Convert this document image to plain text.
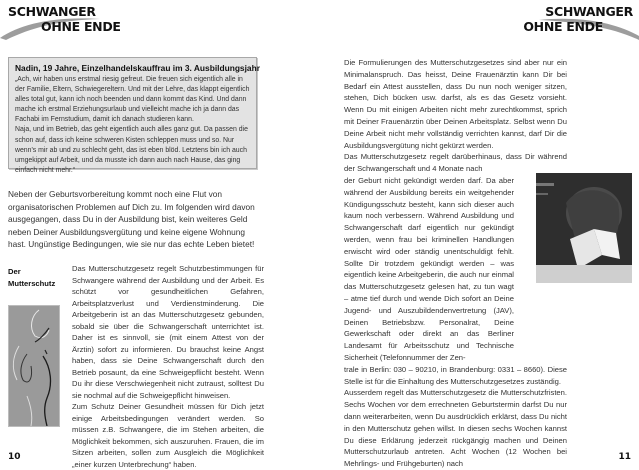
SCHWANGER
OHNE ENDE
Nadin, 19 Jahre, Einzelhandelskauffrau im 3. Ausbildungsjahr

„Ach, wir haben uns erstmal riesig gefreut. Die freuen sich eigentlich alle in der Familie, Eltern, Schwiegereltern. Und mit der Lehre, das klappt eigentlich alles total gut, kann ich noch beenden und dann kommt das Kind. Und dann mache ich erstmal Erziehungsurlaub und vielleicht mache ich ja dann das Fachabi im Fernstudium, damit ich danach studieren kann.

Naja, und im Betrieb, das geht eigentlich auch alles ganz gut. Da passen die schon auf, dass ich keine schweren Kisten schleppen muss und so. Nur wenn's mir ab und zu schlecht geht, das ist eben blöd. Letztens bin ich auch umgekippt auf Arbeit, und da musste ich dann auch nach Hause, das ging einfach nicht mehr.“

Neben der Geburtsvorbereitung kommt noch eine Flut von organisatorischen Problemen auf Dich zu. Im folgenden wird davon ausgegangen, dass Du in der Ausbildung bist, kein weiteres Geld neben Deiner Ausbildungsvergütung und keine eigene Wohnung hast. Ungünstige Bedingungen, wie sie nur das echte Leben bietet!

Der
Mutterschutz

Das Mutterschutzgesetz regelt Schutzbestimmungen für Schwangere während der Ausbildung und der Arbeit. Es schützt vor gesundheitlichen Gefahren, Arbeitsplatzverlust und Verdienstminderung. Die Arbeitgeberin ist an das Mutterschutzgesetz gebunden, sobald sie über die Schwangerschaft unterrichtet ist. Daher ist es sinnvoll, sie (mit einem Attest von der Ärztin) sofort zu informieren. Du brauchst keine Angst haben, dass sie Deine Schwangerschaft durch den Betrieb posaunt, da eine Schweigepflicht besteht. Wenn Du ihr diese Verschwiegenheit nicht zutraust, solltest Du sie nochmal auf die Schweigepflicht hinweisen.

Zum Schutz Deiner Gesundheit müssen für Dich jetzt einige Arbeitsbedingungen verändert werden. So müssen z.B. Schwangere, die im Stehen arbeiten, die Möglichkeit bekommen, sich auszuruhen. Frauen, die im Sitzen arbeiten, sollen zum Ausgleich die Möglichkeit „einer kurzen Unterbrechung“ haben.

10
SCHWANGER
OHNE ENDE

Die Formulierungen des Mutterschutzgesetzes sind aber nur ein Minimalanspruch. Das heisst, Deine Frauenärztin kann Dir bei Bedarf ein Attest ausstellen, dass Du nun noch weniger sitzen, stehen, Dich bücken usw. darfst, als es das Gesetz vorsieht. Wenn Du mit einigen Arbeiten nicht mehr zurechtkommst, sprich mit Deiner Frauenärztin über Deinen Arbeitsplatz. Selbst wenn Du Deine Arbeit nicht mehr vollständig verrichten kannst, darf Dir die Ausbildungsvergütung nicht gekürzt werden.

Das Mutterschutzgesetz regelt darüberhinaus, dass Dir während der Schwangerschaft und 4 Monate nach

der Geburt nicht gekündigt werden darf. Da aber während der Ausbildung bereits ein weitgehender Kündigungsschutz besteht, kann sich dieser auch kaum noch verbessern. Während Ausbildung und Schwangerschaft darf eigentlich nur gekündigt werden, wenn frau bei kriminellen Handlungen erwischt wird oder ständig unentschuldigt fehlt. Sollte Dir trotzdem gekündigt werden – was eigentlich keine Arbeitgeberin, die auch nur einmal das Mutterschutzgesetz gelesen hat, zu tun wagt – atme tief durch und wende Dich sofort an Deine Jugend- und Auszubildendenvertretung (JAV), Deinen Betriebsbzw. Personalrat, Deine Gewerkschaft oder direkt an das Berliner Landesamt für Arbeitsschutz und Technische Sicherheit (Telefonnummer der Zen-

trale in Berlin: 030 – 90210, in Brandenburg: 0331 – 8660). Diese Stelle ist für die Einhaltung des Mutterschutzgesetzes zuständig.

Ausserdem regelt das Mutterschutzgesetz die Mutterschutzfristen. Sechs Wochen vor dem errechneten Geburtstermin darfst Du nur dann weiterarbeiten, wenn Du ausdrücklich erklärst, dass Du nicht in den Mutterschutz gehen willst. In diesen sechs Wochen kannst Du diese Erklärung jederzeit rückgängig machen und Deinen Mutterschutzurlaub antreten. Acht Wochen (12 Wochen bei Mehrlings- und Frühgeburten) nach

11
